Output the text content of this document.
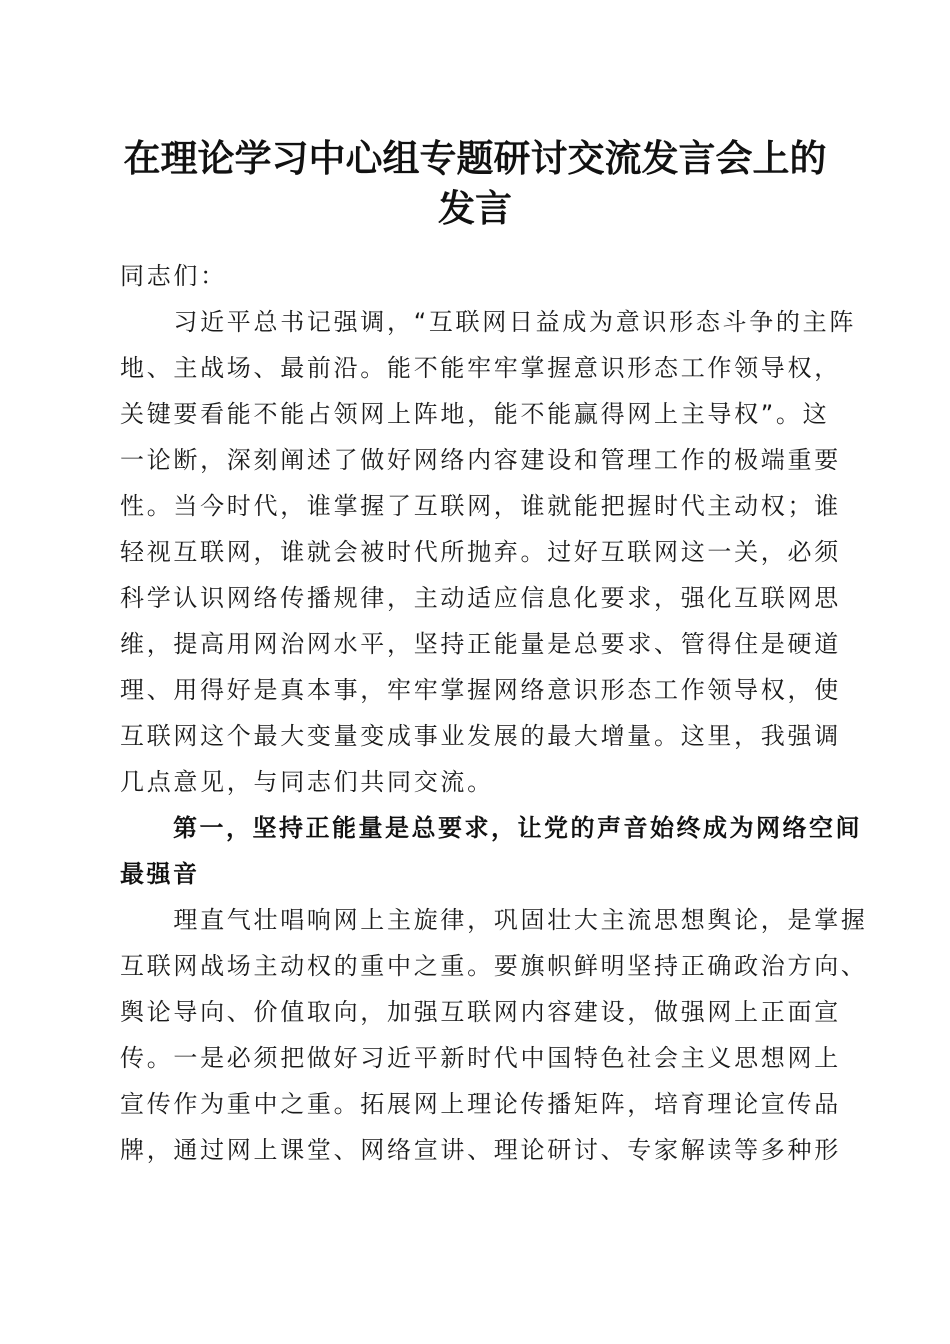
在理论学习中心组专题研讨交流发言会上的发言
同志们：
　　习近平总书记强调，“互联网日益成为意识形态斗争的主阵
地、主战场、最前沿。能不能牢牢掌握意识形态工作领导权，
关键要看能不能占领网上阵地，能不能赢得网上主导权”。这
一论断，深刻阐述了做好网络内容建设和管理工作的极端重要
性。当今时代，谁掌握了互联网，谁就能把握时代主动权；谁
轻视互联网，谁就会被时代所抛弃。过好互联网这一关，必须
科学认识网络传播规律，主动适应信息化要求，强化互联网思
维，提高用网治网水平，坚持正能量是总要求、管得住是硬道
理、用得好是真本事，牢牢掌握网络意识形态工作领导权，使
互联网这个最大变量变成事业发展的最大增量。这里，我强调
几点意见，与同志们共同交流。
　　第一，坚持正能量是总要求，让党的声音始终成为网络空间
最强音
　　理直气壮唱响网上主旋律，巩固壮大主流思想舆论，是掌握
互联网战场主动权的重中之重。要旗帜鲜明坚持正确政治方向、
舆论导向、价值取向，加强互联网内容建设，做强网上正面宣
传。一是必须把做好习近平新时代中国特色社会主义思想网上
宣传作为重中之重。拓展网上理论传播矩阵，培育理论宣传品
牌，通过网上课堂、网络宣讲、理论研讨、专家解读等多种形
